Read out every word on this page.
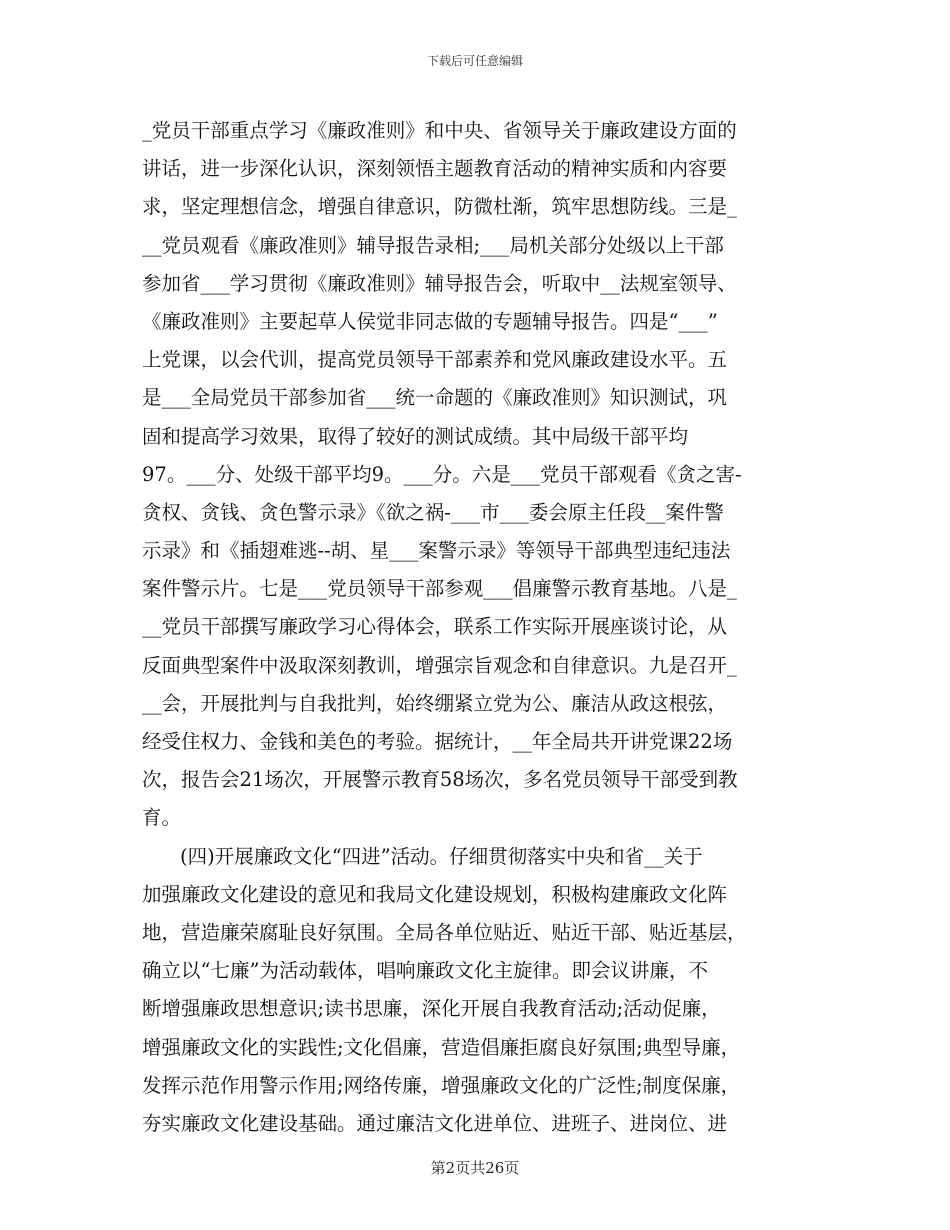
下载后可任意编辑
_党员干部重点学习《廉政准则》和中央、省领导关于廉政建设方面的
讲话，进一步深化认识，深刻领悟主题教育活动的精神实质和内容要
求，坚定理想信念，增强自律意识，防微杜渐，筑牢思想防线。三是_
__党员观看《廉政准则》辅导报告录相;___局机关部分处级以上干部
参加省___学习贯彻《廉政准则》辅导报告会，听取中__法规室领导、
《廉政准则》主要起草人侯觉非同志做的专题辅导报告。四是“___”
上党课，以会代训，提高党员领导干部素养和党风廉政建设水平。五
是___全局党员干部参加省___统一命题的《廉政准则》知识测试，巩
固和提高学习效果，取得了较好的测试成绩。其中局级干部平均
97。___分、处级干部平均9。___分。六是___党员干部观看《贪之害-
贪权、贪钱、贪色警示录》《欲之祸-___市___委会原主任段__案件警
示录》和《插翅难逃--胡、星___案警示录》等领导干部典型违纪违法
案件警示片。七是___党员领导干部参观___倡廉警示教育基地。八是_
__党员干部撰写廉政学习心得体会，联系工作实际开展座谈讨论，从
反面典型案件中汲取深刻教训，增强宗旨观念和自律意识。九是召开_
__会，开展批判与自我批判，始终绷紧立党为公、廉洁从政这根弦，
经受住权力、金钱和美色的考验。据统计，__年全局共开讲党课22场
次，报告会21场次，开展警示教育58场次，多名党员领导干部受到教
育。
(四)开展廉政文化“四进”活动。仔细贯彻落实中央和省__关于
加强廉政文化建设的意见和我局文化建设规划，积极构建廉政文化阵
地，营造廉荣腐耻良好氛围。全局各单位贴近、贴近干部、贴近基层，
确立以“七廉”为活动载体，唱响廉政文化主旋律。即会议讲廉，不
断增强廉政思想意识;读书思廉，深化开展自我教育活动;活动促廉，
增强廉政文化的实践性;文化倡廉，营造倡廉拒腐良好氛围;典型导廉，
发挥示范作用警示作用;网络传廉，增强廉政文化的广泛性;制度保廉，
夯实廉政文化建设基础。通过廉洁文化进单位、进班子、进岗位、进
第2页共26页
